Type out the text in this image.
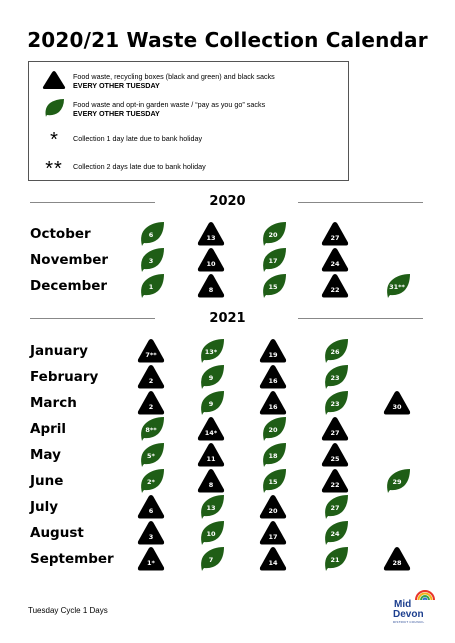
2020/21 Waste Collection Calendar
Food waste, recycling boxes (black and green) and black sacks
EVERY OTHER TUESDAY
Food waste and opt-in garden waste / “pay as you go” sacks
EVERY OTHER TUESDAY
*	Collection 1 day late due to bank holiday
**	Collection 2 days late due to bank holiday
2020
2021
October	6	13	20	27
November	3	10	17	24
December	1	8	15	22	31**
January	7**	13*	19	26
February	2	9	16	23
March	2	9	16	23	30
April	8**	14*	20	27
May	5*	11	18	25
June	2*	8	15	22	29
July	6	13	20	27
August	3	10	17	24
September	1*	7	14	21	28
Tuesday Cycle 1 Days
Mid
Devon
DISTRICT COUNCIL
